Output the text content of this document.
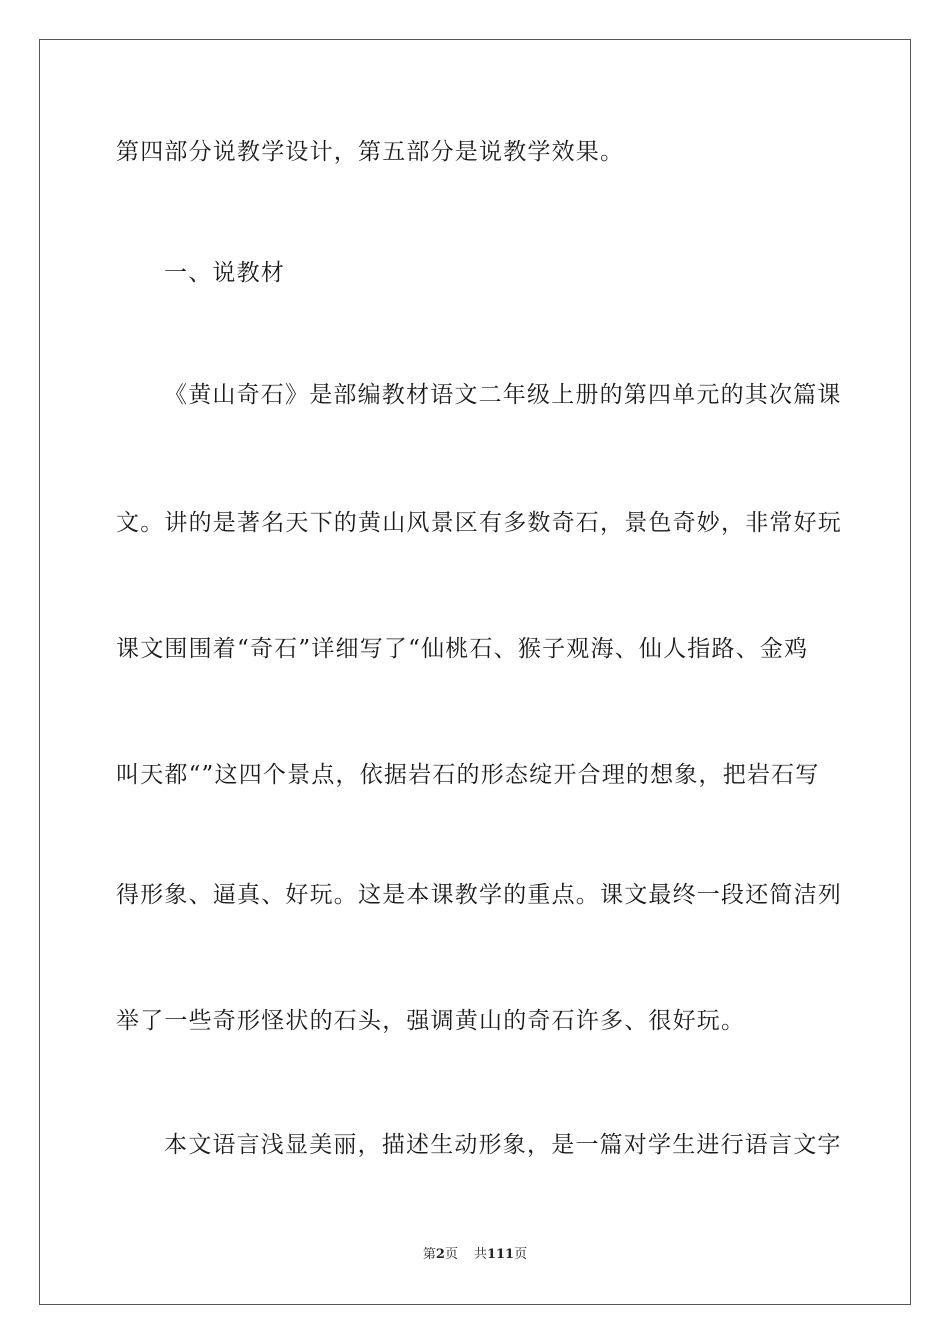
第四部分说教学设计，第五部分是说教学效果。
一、说教材
《黄山奇石》是部编教材语文二年级上册的第四单元的其次篇课
文。讲的是著名天下的黄山风景区有多数奇石，景色奇妙，非常好玩
课文围围着“奇石”详细写了“仙桃石、猴子观海、仙人指路、金鸡
叫天都“”这四个景点，依据岩石的形态绽开合理的想象，把岩石写
得形象、逼真、好玩。这是本课教学的重点。课文最终一段还简洁列
举了一些奇形怪状的石头，强调黄山的奇石许多、很好玩。
本文语言浅显美丽，描述生动形象，是一篇对学生进行语言文字
第2页 共111页
